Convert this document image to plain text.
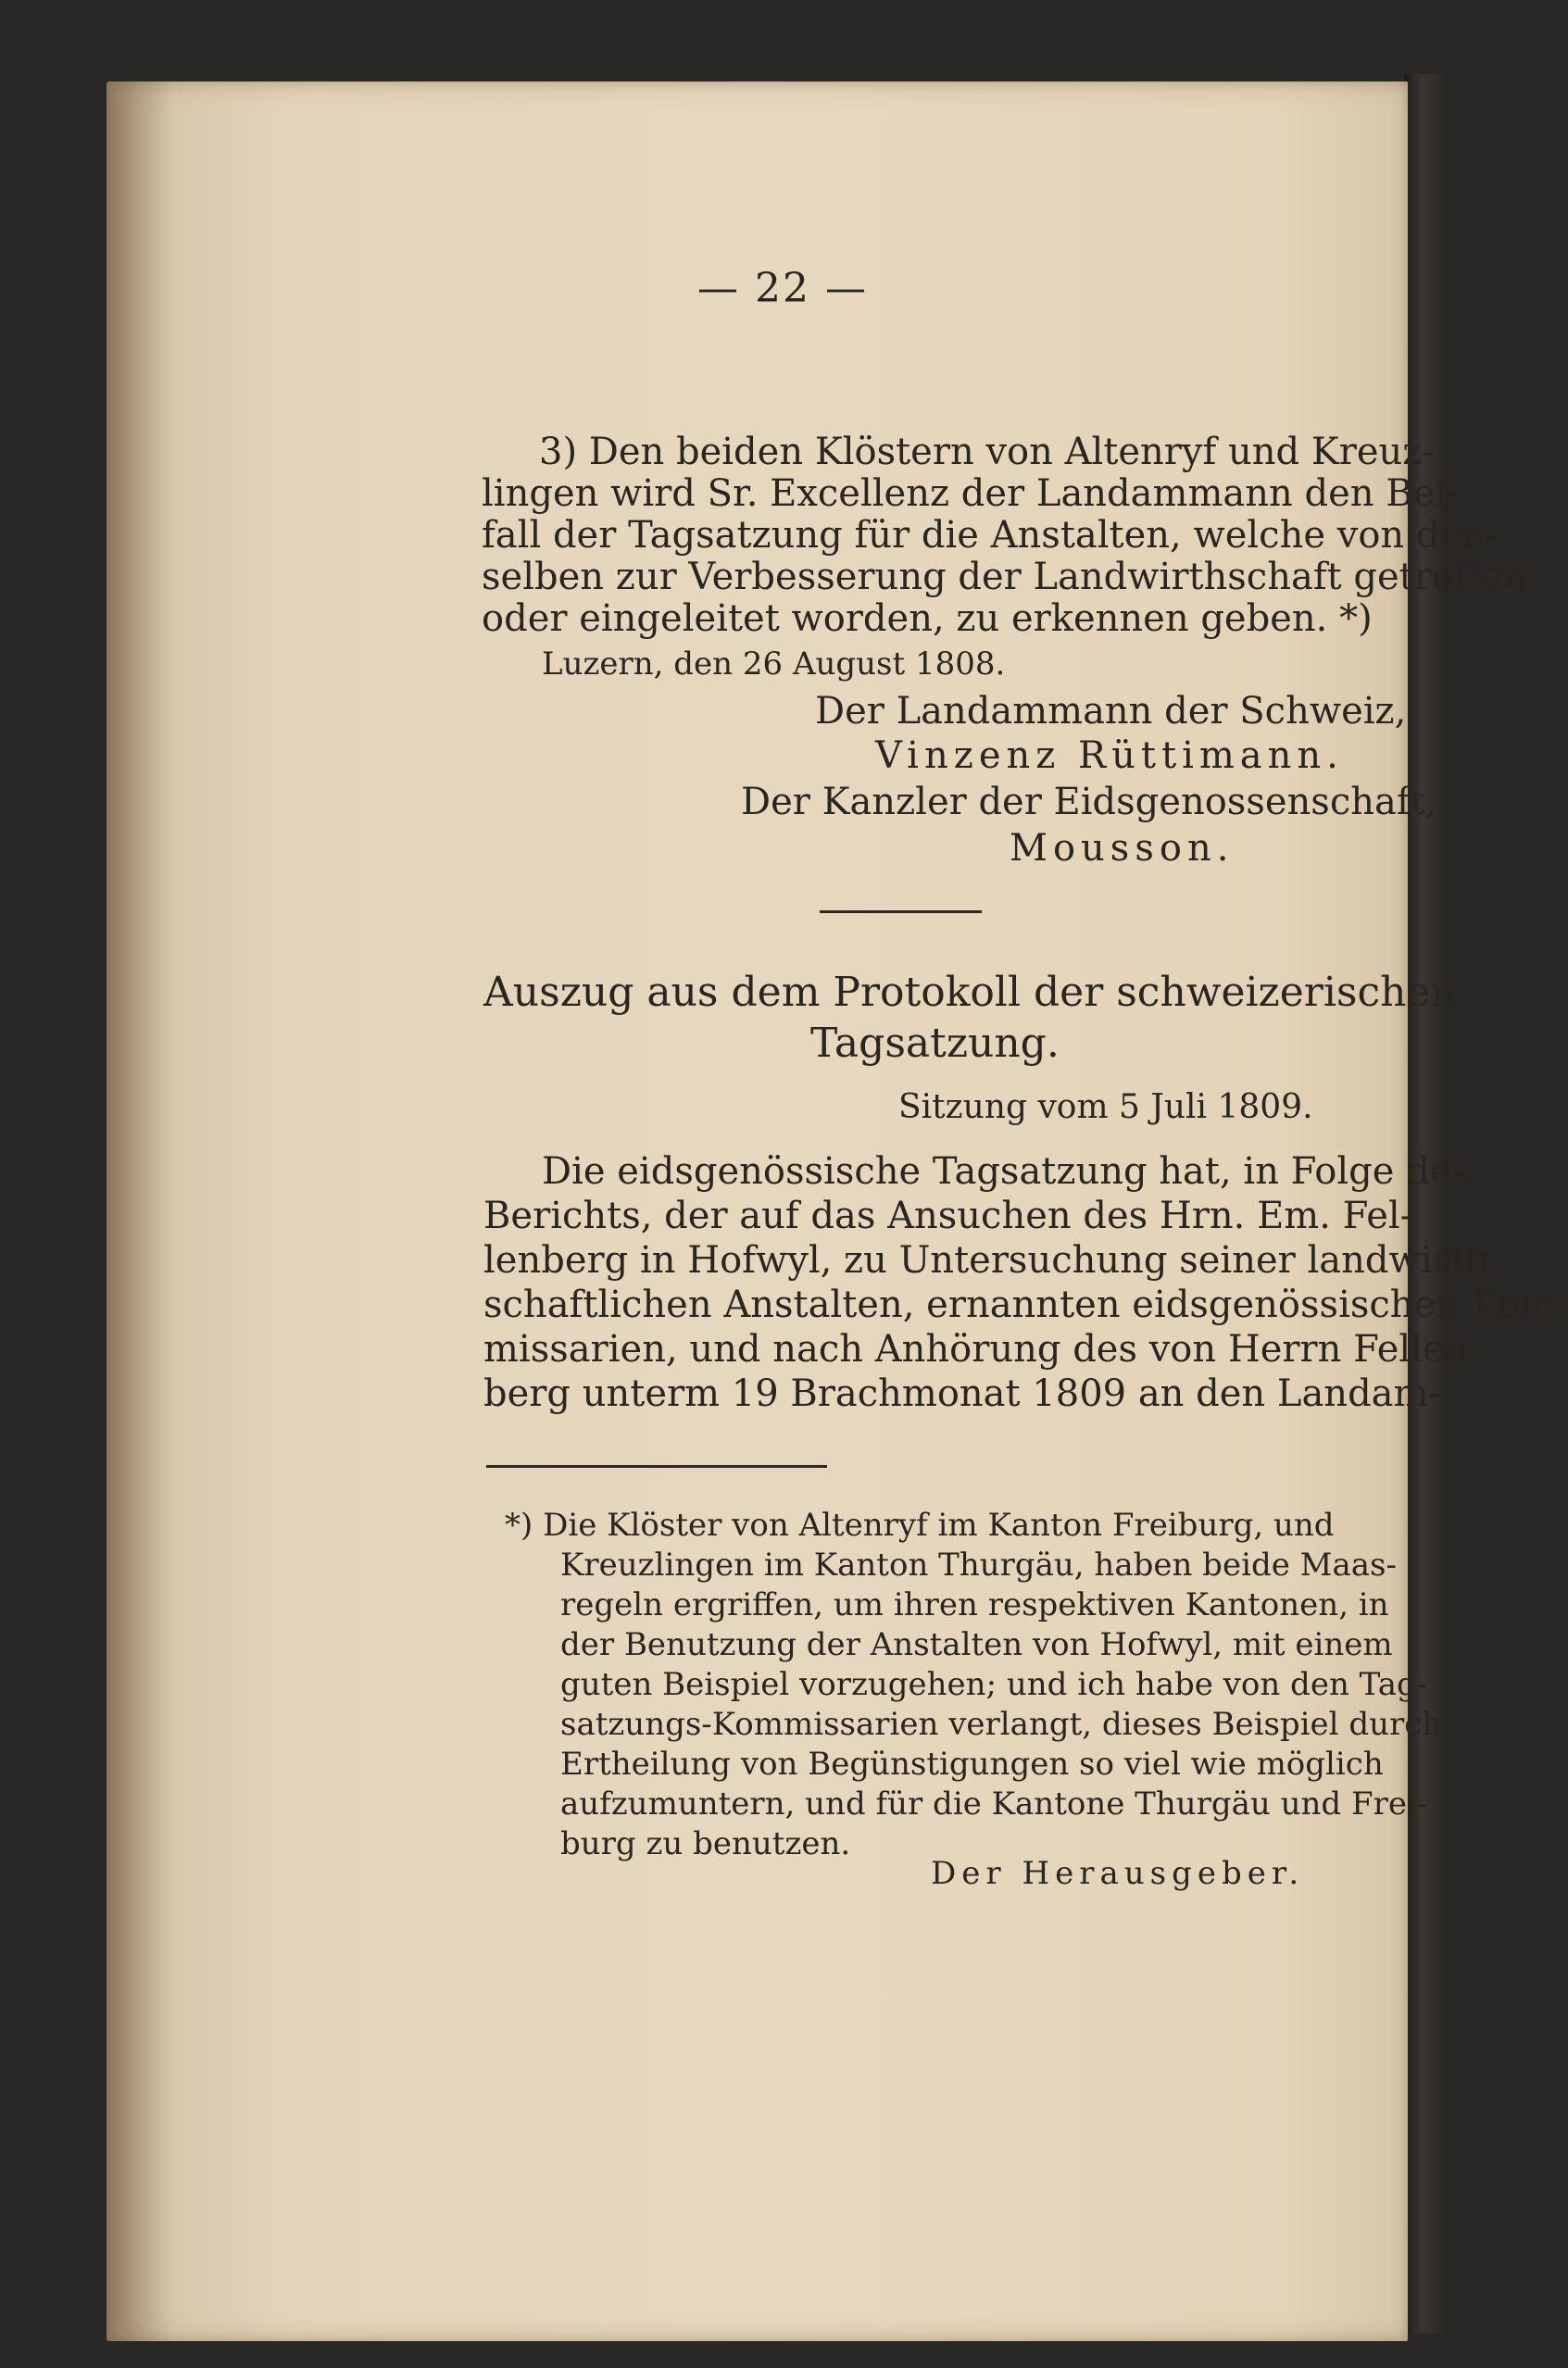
— 22 —
3) Den beiden Klöstern von Altenryf und Kreuz-
lingen wird Sr. Excellenz der Landammann den Bei-
fall der Tagsatzung für die Anstalten, welche von den-
selben zur Verbesserung der Landwirthschaft getroffen
oder eingeleitet worden, zu erkennen geben. *)
Luzern, den 26 August 1808.
Der Landammann der Schweiz,
Vinzenz Rüttimann.
Der Kanzler der Eidsgenossenschaft,
Mousson.
Auszug aus dem Protokoll der schweizerischen
Tagsatzung.
Sitzung vom 5 Juli 1809.
Die eidsgenössische Tagsatzung hat, in Folge des
Berichts, der auf das Ansuchen des Hrn. Em. Fel-
lenberg in Hofwyl, zu Untersuchung seiner landwirth-
schaftlichen Anstalten, ernannten eidsgenössischen Kom-
missarien, und nach Anhörung des von Herrn Fellen-
berg unterm 19 Brachmonat 1809 an den Landam-
*) Die Klöster von Altenryf im Kanton Freiburg, und
Kreuzlingen im Kanton Thurgäu, haben beide Maas-
regeln ergriffen, um ihren respektiven Kantonen, in
der Benutzung der Anstalten von Hofwyl, mit einem
guten Beispiel vorzugehen; und ich habe von den Tag-
satzungs-Kommissarien verlangt, dieses Beispiel durch
Ertheilung von Begünstigungen so viel wie möglich
aufzumuntern, und für die Kantone Thurgäu und Frei-
burg zu benutzen.
Der Herausgeber.
